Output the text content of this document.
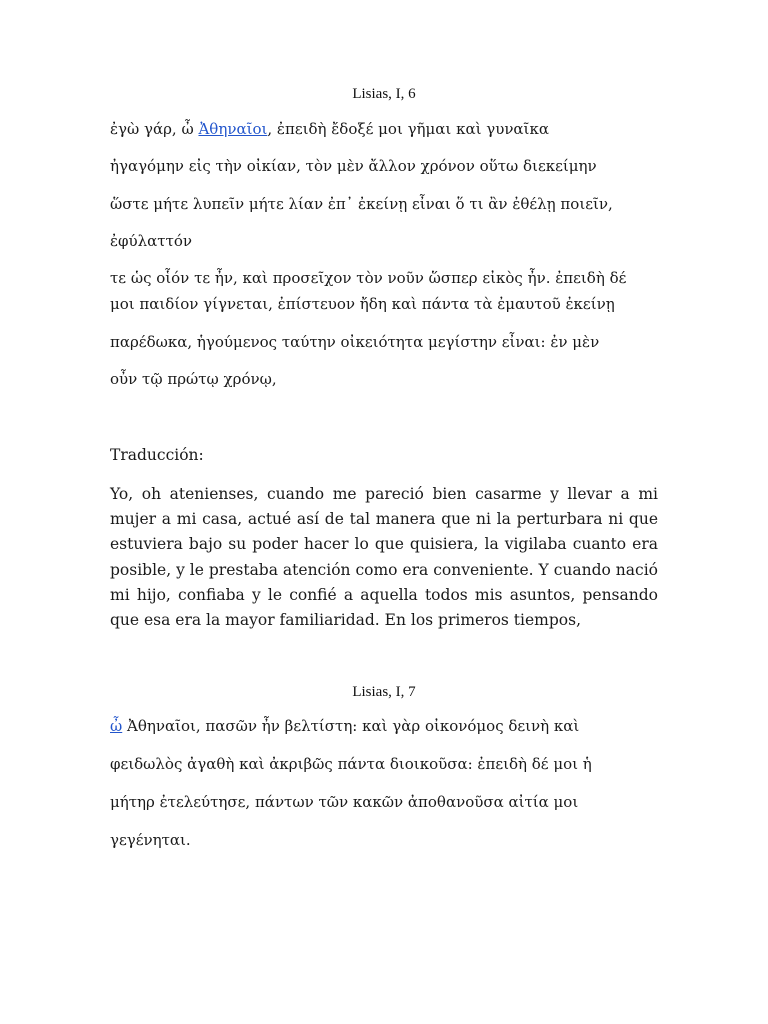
Lisias, I, 6
ἐγὼ γάρ, ὦ Ἀθηναῖοι, ἐπειδὴ ἔδοξέ μοι γῆμαι καὶ γυναῖκα
ἠγαγόμην εἰς τὴν οἰκίαν, τὸν μὲν ἄλλον χρόνον οὕτω διεκείμην
ὥστε μήτε λυπεῖν μήτε λίαν ἐπ᾽ ἐκείνῃ εἶναι ὅ τι ἂν ἐθέλῃ ποιεῖν,
ἐφύλαττόν
τε ὡς οἷόν τε ἦν, καὶ προσεῖχον τὸν νοῦν ὥσπερ εἰκὸς ἦν. ἐπειδὴ δέ
μοι παιδίον γίγνεται, ἐπίστευον ἤδη καὶ πάντα τὰ ἐμαυτοῦ ἐκείνῃ
παρέδωκα, ἡγούμενος ταύτην οἰκειότητα μεγίστην εἶναι: ἐν μὲν
οὖν τῷ πρώτῳ χρόνῳ,
Traducción:
Yo, oh atenienses, cuando me pareció bien casarme y llevar a mi mujer a mi casa, actué así de tal manera que ni la perturbara ni que estuviera bajo su poder hacer lo que quisiera, la vigilaba cuanto era posible, y le prestaba atención como era conveniente. Y cuando nació mi hijo, confiaba y le confié a aquella todos mis asuntos, pensando que esa era la mayor familiaridad. En los primeros tiempos,
Lisias, I, 7
ὦ Ἀθηναῖοι, πασῶν ἦν βελτίστη: καὶ γὰρ οἰκονόμος δεινὴ καὶ
φειδωλὸς ἀγαθὴ καὶ ἀκριβῶς πάντα διοικοῦσα: ἐπειδὴ δέ μοι ἡ
μήτηρ ἐτελεύτησε, πάντων τῶν κακῶν ἀποθανοῦσα αἰτία μοι
γεγένηται.
